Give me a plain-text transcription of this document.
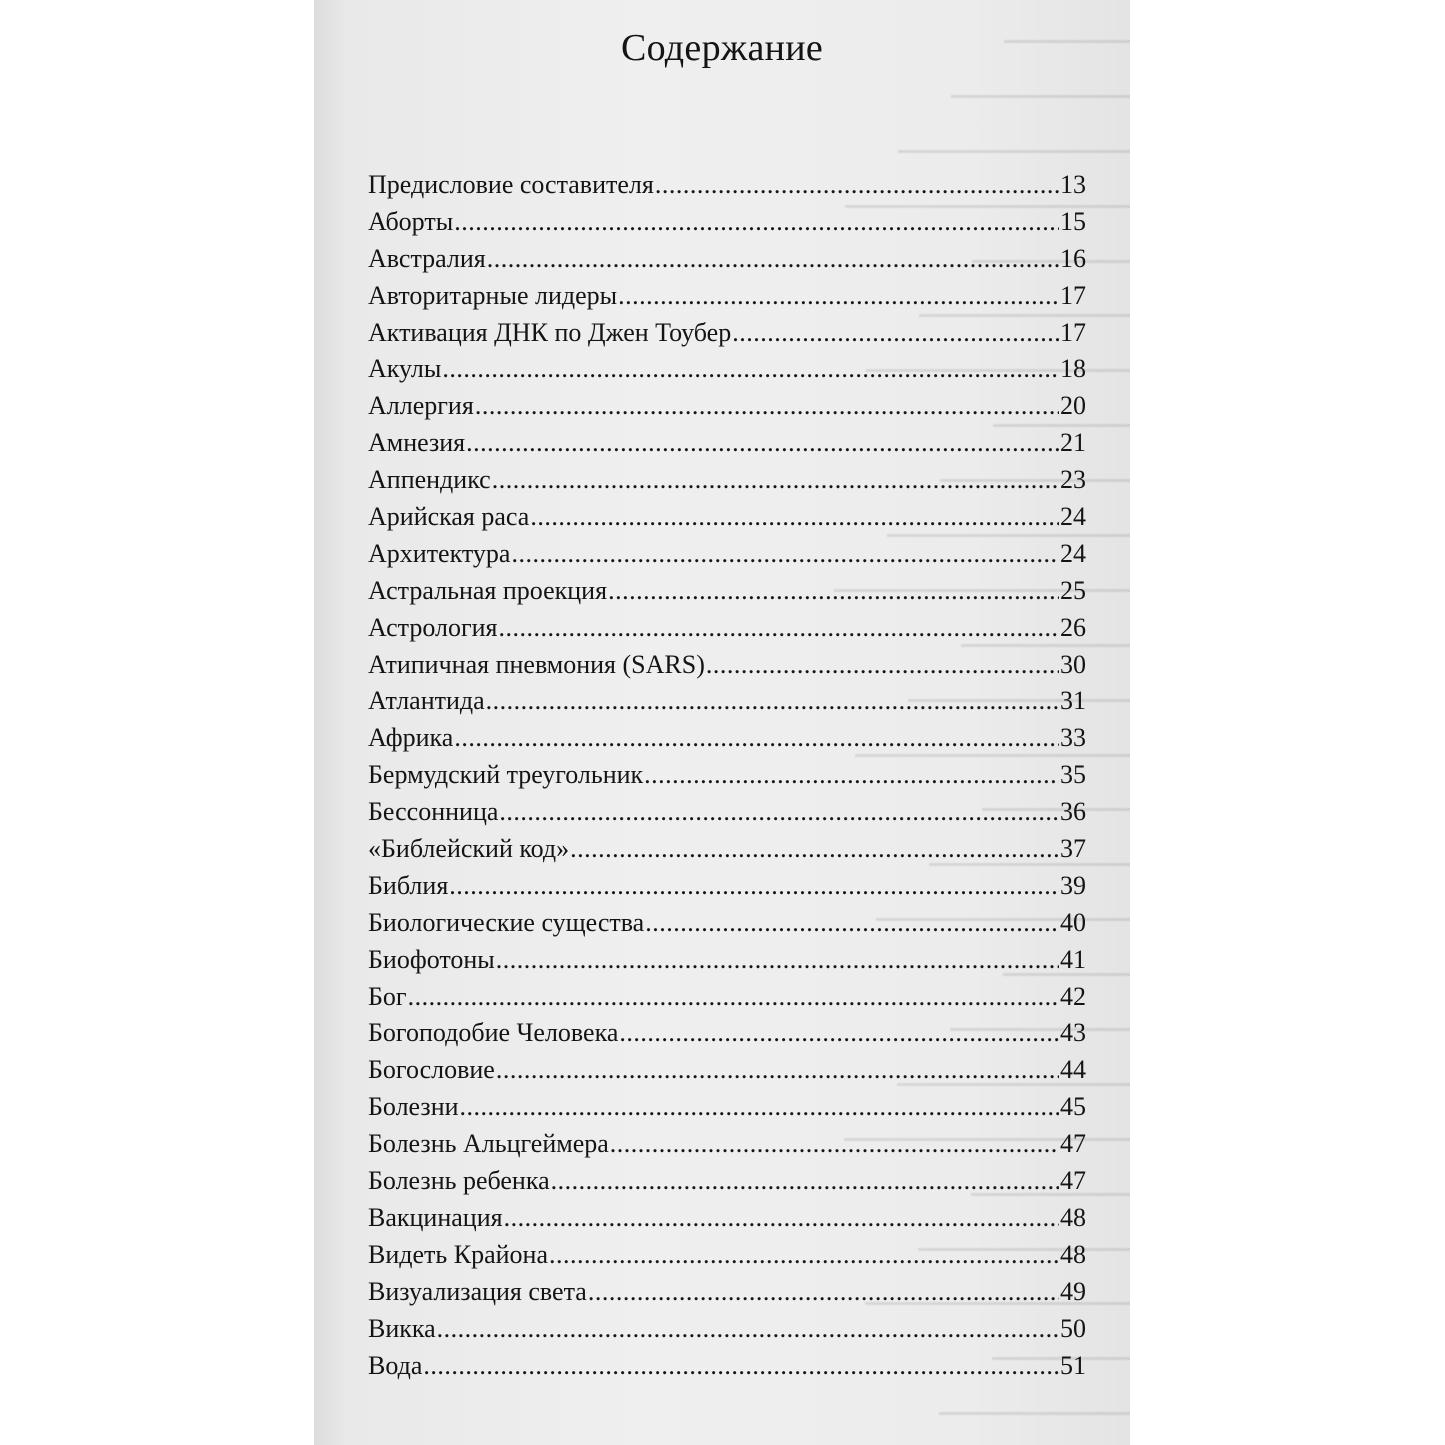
Содержание
Предисловие составителя .....	13
Аборты .....	15
Австралия .....	16
Авторитарные лидеры .....	17
Активация ДНК по Джен Тоубер .....	17
Акулы .....	18
Аллергия .....	20
Амнезия .....	21
Аппендикс .....	23
Арийская раса .....	24
Архитектура .....	24
Астральная проекция .....	25
Астрология .....	26
Атипичная пневмония (SARS) .....	30
Атлантида .....	31
Африка .....	33
Бермудский треугольник .....	35
Бессонница .....	36
«Библейский код» .....	37
Библия .....	39
Биологические существа .....	40
Биофотоны .....	41
Бог .....	42
Богоподобие Человека .....	43
Богословие .....	44
Болезни .....	45
Болезнь Альцгеймера .....	47
Болезнь ребенка .....	47
Вакцинация .....	48
Видеть Крайона .....	48
Визуализация света .....	49
Викка .....	50
Вода .....	51
